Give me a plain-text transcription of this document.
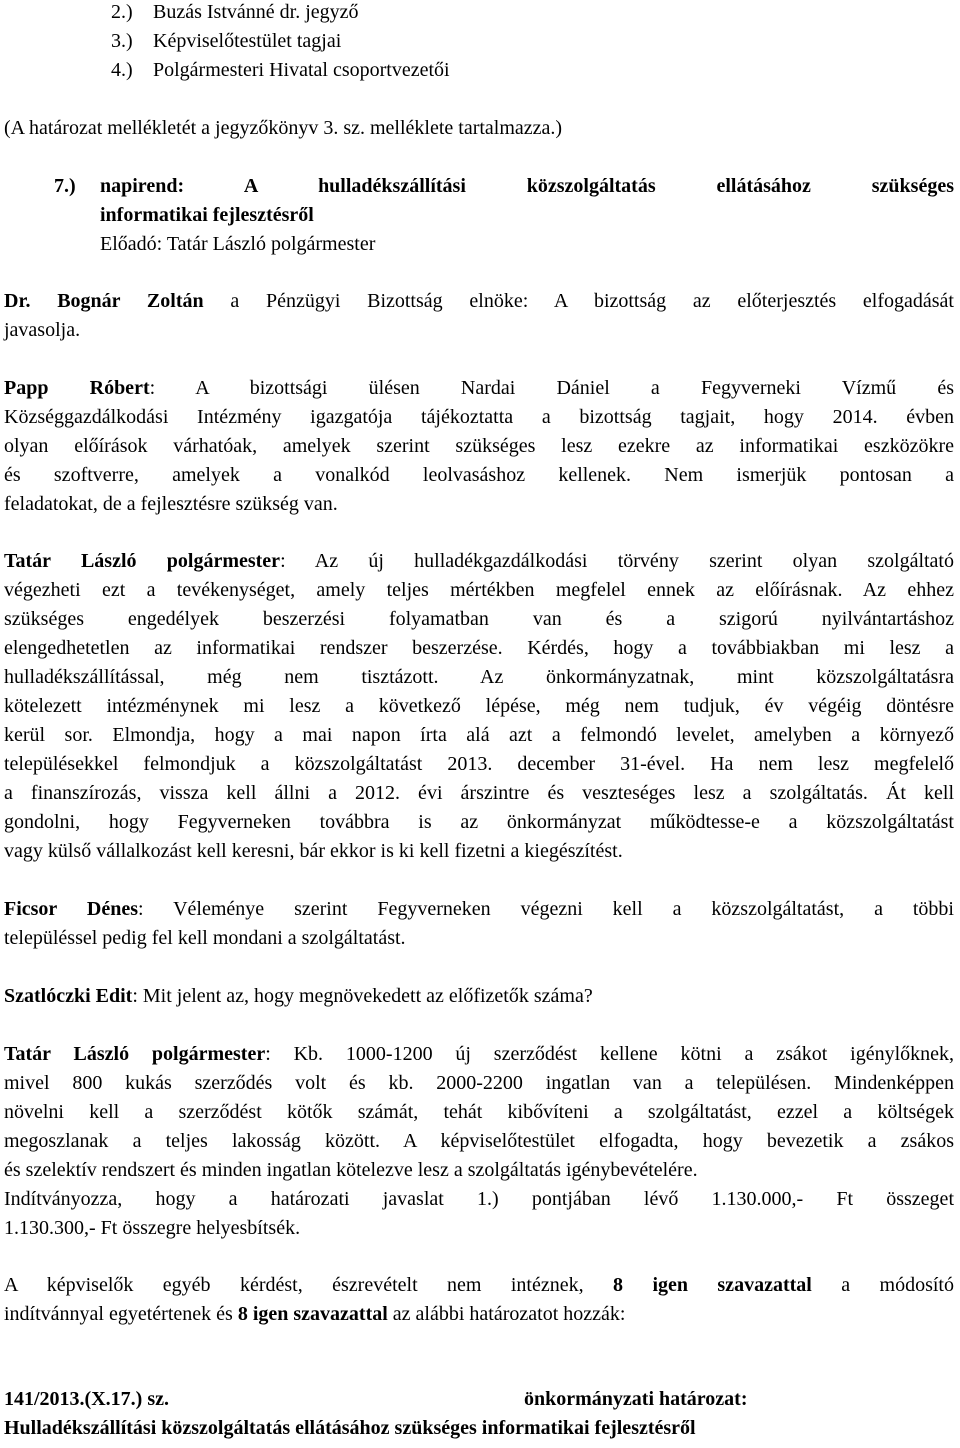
2.) Buzás Istvánné dr. jegyző
3.) Képviselőtestület tagjai
4.) Polgármesteri Hivatal csoportvezetői
(A határozat mellékletét a jegyzőkönyv 3. sz. melléklete tartalmazza.)
7.) napirend: A hulladékszállítási közszolgáltatás ellátásához szükséges
informatikai fejlesztésről
Előadó: Tatár László polgármester
Dr. Bognár Zoltán a Pénzügyi Bizottság elnöke: A bizottság az előterjesztés elfogadását
javasolja.
Papp Róbert: A bizottsági ülésen Nardai Dániel a Fegyverneki Vízmű és
Községgazdálkodási Intézmény igazgatója tájékoztatta a bizottság tagjait, hogy 2014. évben
olyan előírások várhatóak, amelyek szerint szükséges lesz ezekre az informatikai eszközökre
és szoftverre, amelyek a vonalkód leolvasáshoz kellenek. Nem ismerjük pontosan a
feladatokat, de a fejlesztésre szükség van.
Tatár László polgármester: Az új hulladékgazdálkodási törvény szerint olyan szolgáltató
végezheti ezt a tevékenységet, amely teljes mértékben megfelel ennek az előírásnak. Az ehhez
szükséges engedélyek beszerzési folyamatban van és a szigorú nyilvántartáshoz
elengedhetetlen az informatikai rendszer beszerzése. Kérdés, hogy a továbbiakban mi lesz a
hulladékszállítással, még nem tisztázott. Az önkormányzatnak, mint közszolgáltatásra
kötelezett intézménynek mi lesz a következő lépése, még nem tudjuk, év végéig döntésre
kerül sor. Elmondja, hogy a mai napon írta alá azt a felmondó levelet, amelyben a környező
településekkel felmondjuk a közszolgáltatást 2013. december 31-ével. Ha nem lesz megfelelő
a finanszírozás, vissza kell állni a 2012. évi árszintre és veszteséges lesz a szolgáltatás. Át kell
gondolni, hogy Fegyverneken továbbra is az önkormányzat működtesse-e a közszolgáltatást
vagy külső vállalkozást kell keresni, bár ekkor is ki kell fizetni a kiegészítést.
Ficsor Dénes: Véleménye szerint Fegyverneken végezni kell a közszolgáltatást, a többi
településsel pedig fel kell mondani a szolgáltatást.
Szatlóczki Edit: Mit jelent az, hogy megnövekedett az előfizetők száma?
Tatár László polgármester: Kb. 1000-1200 új szerződést kellene kötni a zsákot igénylőknek,
mivel 800 kukás szerződés volt és kb. 2000-2200 ingatlan van a településen. Mindenképpen
növelni kell a szerződést kötők számát, tehát kibővíteni a szolgáltatást, ezzel a költségek
megoszlanak a teljes lakosság között. A képviselőtestület elfogadta, hogy bevezetik a zsákos
és szelektív rendszert és minden ingatlan kötelezve lesz a szolgáltatás igénybevételére.
Indítványozza, hogy a határozati javaslat 1.) pontjában lévő 1.130.000,- Ft összeget
1.130.300,- Ft összegre helyesbítsék.
A képviselők egyéb kérdést, észrevételt nem intéznek, 8 igen szavazattal a módosító
indítvánnyal egyetértenek és 8 igen szavazattal az alábbi határozatot hozzák:
141/2013.(X.17.) sz.	önkormányzati határozat:
Hulladékszállítási közszolgáltatás ellátásához szükséges informatikai fejlesztésről
